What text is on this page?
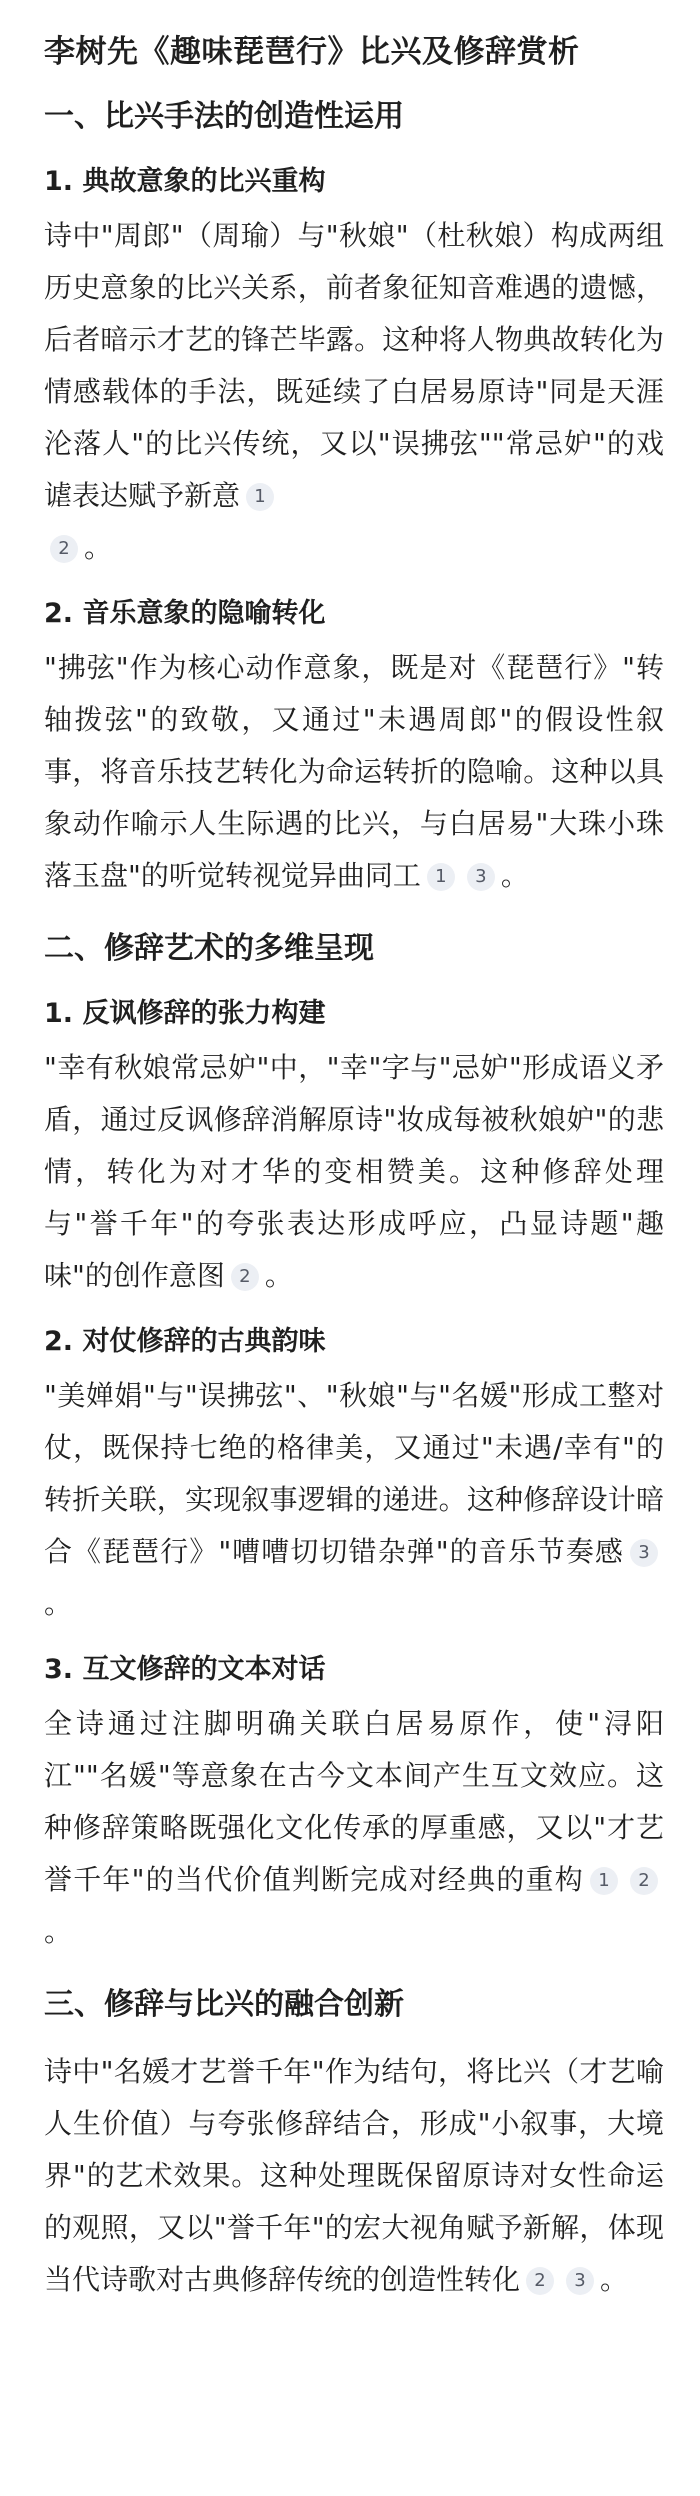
李树先《趣味琵琶行》比兴及修辞赏析
一、比兴手法的创造性运用
1. 典故意象的比兴重构

诗中"周郎"（周瑜）与"秋娘"（杜秋娘）构成两组历史意象的比兴关系，前者象征知音难遇的遗憾，后者暗示才艺的锋芒毕露。这种将人物典故转化为情感载体的手法，既延续了白居易原诗"同是天涯沦落人"的比兴传统，又以"误拂弦""常忌妒"的戏谑表达赋予新意 1
2 。

2. 音乐意象的隐喻转化

"拂弦"作为核心动作意象，既是对《琵琶行》"转轴拨弦"的致敬，又通过"未遇周郎"的假设性叙事，将音乐技艺转化为命运转折的隐喻。这种以具象动作喻示人生际遇的比兴，与白居易"大珠小珠落玉盘"的听觉转视觉异曲同工 1 3 。

二、修辞艺术的多维呈现
1. 反讽修辞的张力构建

"幸有秋娘常忌妒"中，"幸"字与"忌妒"形成语义矛盾，通过反讽修辞消解原诗"妆成每被秋娘妒"的悲情，转化为对才华的变相赞美。这种修辞处理与"誉千年"的夸张表达形成呼应，凸显诗题"趣味"的创作意图 2 。

2. 对仗修辞的古典韵味

"美婵娟"与"误拂弦"、"秋娘"与"名媛"形成工整对仗，既保持七绝的格律美，又通过"未遇/幸有"的转折关联，实现叙事逻辑的递进。这种修辞设计暗合《琵琶行》"嘈嘈切切错杂弹"的音乐节奏感 3。

3. 互文修辞的文本对话

全诗通过注脚明确关联白居易原作，使"浔阳江""名媛"等意象在古今文本间产生互文效应。这种修辞策略既强化文化传承的厚重感，又以"才艺誉千年"的当代价值判断完成对经典的重构 1 2。

三、修辞与比兴的融合创新

诗中"名媛才艺誉千年"作为结句，将比兴（才艺喻人生价值）与夸张修辞结合，形成"小叙事，大境界"的艺术效果。这种处理既保留原诗对女性命运的观照，又以"誉千年"的宏大视角赋予新解，体现当代诗歌对古典修辞传统的创造性转化 2 3 。
